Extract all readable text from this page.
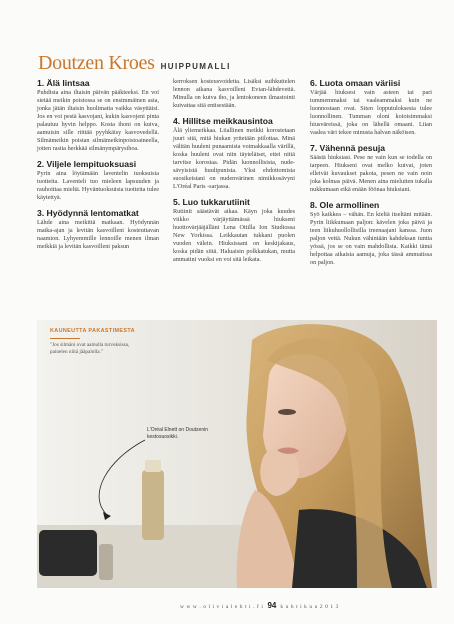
Doutzen Kroes HUIPPUMALLI
1. Älä lintsaa

Puhdista aina iltaisin päivän pääkteeksi. En voi sietää meikin poistossa se on ensimmäinen asia, jonka jätän iltaisin huolimatta vaikka väsyttäisi. Jos en voi pestä kasvojani, kukin kasvojeni pinta palautuu hyvin helppo. Kosta ihoni on kuiva, aamuisin sille riittää pyyhkäisy kasvovedellä. Silmämeikin poistan silmämeikinpoistoaineella, jotten rasita herkkää silmänympärysihoa.

2. Viljele lempituoksuasi

Pyrin aina löytämään laventelin tuoksuisia tuotteita. Laventeli tuo mieleen lapsuuden ja rauhoittaa mieltä. Hyväntuoksuisia tuotteita tulee käytettyä.

3. Hyödynnä lentomatkat

Lähde aina meikittä matkaan. Hyödynnän matka-ajan ja levitän kasvoilleni kosteuttavan naamion. Lyhyemmille lennoille menen ilman meikkiä ja levitän kasvoilleni paksun

kerroksen kosteusvoidetta. Lisäksi suihkuttelen lennon aikana kasvoilleni Evian-lähdevettä. Minulla on kuiva iho, ja lentokoneen ilmastointi kuivattaa sitä entisestään.

4. Hillitse meikkausintoa

Älä yliemeikkaa. Liiallinen meikki korostetaan juuri sitä, mitä hiukan yritetään piilottaa. Minä välttän huuleni punaamista voimakkaalla värillä, koska huuleni ovat niin täyteläiset, ettei niitä tarvitse korostaa. Pidän luonnollisista, nude-sävyisistä huulipunista. Yksi ehdottomista suosikeistani on nudenvärinen nimikkosävyni L'Oréal Paris -sarjassa.

5. Luo tukkarutiinit

Rutiinit säästävät aikaa. Käyn joka kuudes viikko värjäyttämässä hiukseni huottovärjääjälläni Lena Ottilla Ion Studiossa New Yorkissa. Leikkautan tukkani puolen vuoden välein. Hiuksissani on keskijakaus, koska pidän siitä. Haluaisin polkkatukan, mutta ammatini vuoksi en voi sitä leikata.

6. Luota omaan väriisi

Värjää hiuksesi vain asteen tai pari tummemmaksi tai vaaleammaksi kuin ne luonnostaan ovat. Siten lopputuloksesta tulee luonnollinen. Tumman oloni kotoisimmaksi hiusväreissä, joka on lähellä omaani. Liian vaalea väri tekee minusta halvan näköisen.

7. Vähennä pesuja

Säästä hiuksiasi. Pese ne vain kun se todella on tarpeen. Hiukseni ovat melko kuivat, joten elleivät kuvaukset pakota, pesen ne vain noin joka kolmas päivä. Menen aina mieluiten tukalla nukkumaan eikä enään föönaa hiuksiani.

8. Ole armollinen

Syö kaikkea – vähän. En kieltä itseltäni mitään. Pyrin liikkumaan paljon: kävelen joka päivä ja teen liikuhuollollisilla treenaajani kanssa. Juon paljon vettä. Nukun vähintään kahdeksan tuntia yössä, jos se on vain mahdollista. Kaikki tämä helpottaa aikaisia aamuja, joka tässä ammatissa on paljon.

KAUNEUTTA PAKASTIMESTA
"Jos silmäni ovat aamulla turvoksissa, painelen niitä jääpalolla."
L'Oréal Elnett on Doutzenin kestosuosikki.
w w w . o l i v i a l e h t i . f i 94 k u h t i k u u 2 0 1 3
